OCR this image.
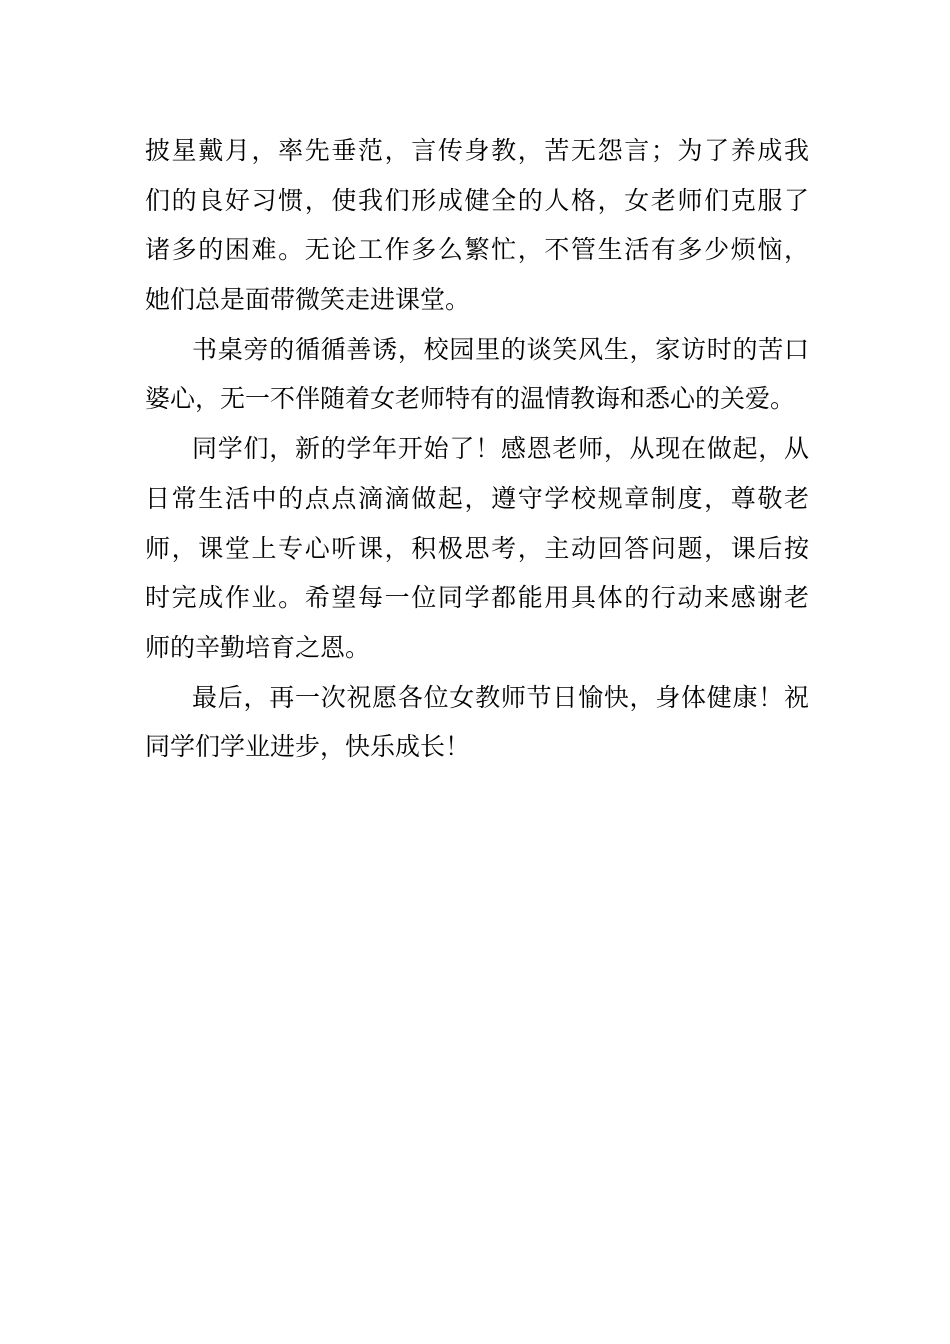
披星戴月，率先垂范，言传身教，苦无怨言；为了养成我
们的良好习惯，使我们形成健全的人格，女老师们克服了
诸多的困难。无论工作多么繁忙，不管生活有多少烦恼，
她们总是面带微笑走进课堂。
书桌旁的循循善诱，校园里的谈笑风生，家访时的苦口
婆心，无一不伴随着女老师特有的温情教诲和悉心的关爱。
同学们，新的学年开始了！感恩老师，从现在做起，从
日常生活中的点点滴滴做起，遵守学校规章制度，尊敬老
师，课堂上专心听课，积极思考，主动回答问题，课后按
时完成作业。希望每一位同学都能用具体的行动来感谢老
师的辛勤培育之恩。
最后，再一次祝愿各位女教师节日愉快，身体健康！祝
同学们学业进步，快乐成长！
